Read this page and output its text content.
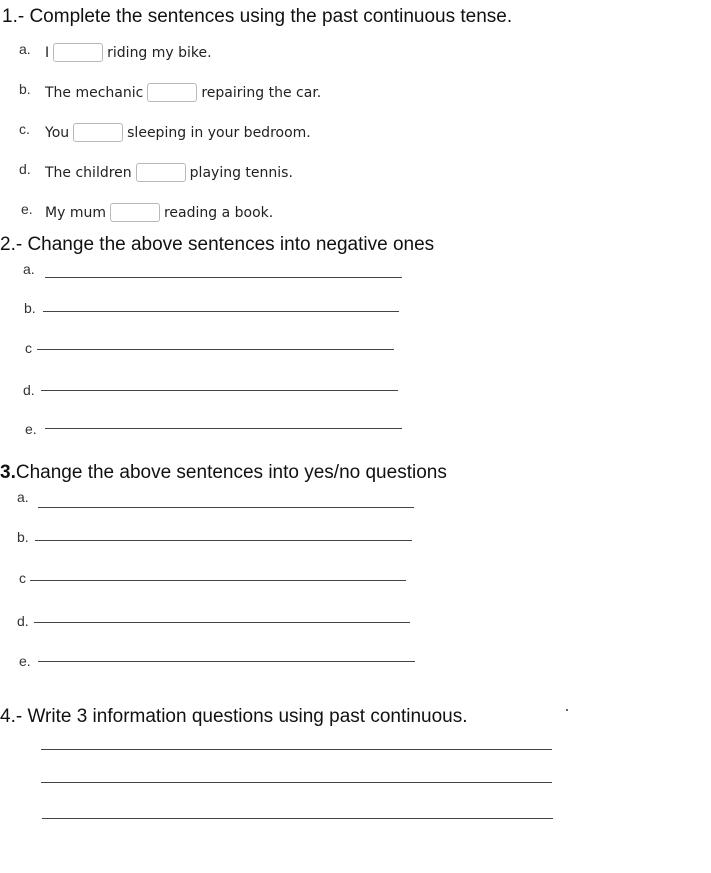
1.- Complete the sentences using the past continuous tense.
a. I	riding my bike.
b. The mechanic	repairing the car.
c. You	sleeping in your bedroom.
d. The children	playing tennis.
e. My mum	reading a book.
2.- Change the above sentences into negative ones
a.
b.
c
d.
e.
3.Change the above sentences into yes/no questions
a.
b.
c
d.
e.
4.- Write 3 information questions using past continuous.
